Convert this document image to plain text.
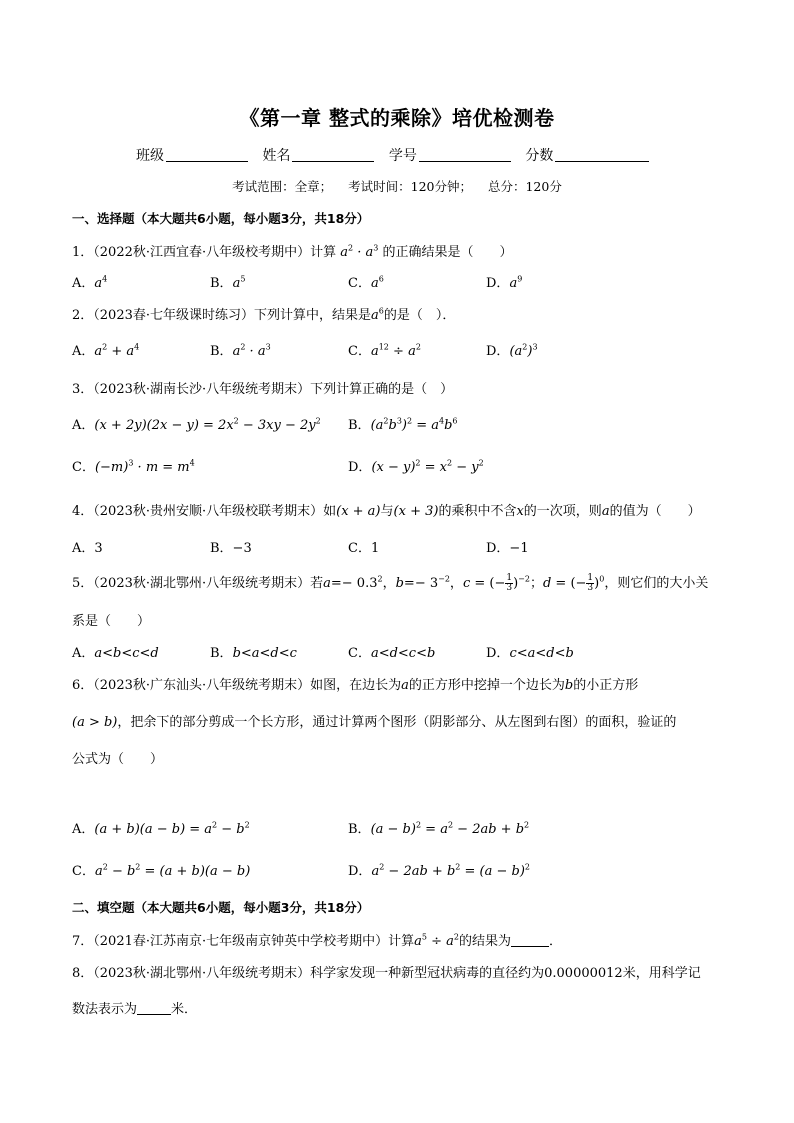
《第一章 整式的乘除》培优检测卷
班级	姓名	学号	分数
考试范围：全章； 考试时间：120分钟； 总分：120分
一、选择题（本大题共6小题，每小题3分，共18分）
1．（2022秋·江西宜春·八年级校考期中）计算 $a^2 \cdot a^3$ 的正确结果是（　　）
A．$a^4$	B．$a^5$	C．$a^6$	D．$a^9$
2．（2023春·七年级课时练习）下列计算中，结果是$a^6$的是（　）．
A．$a^2 + a^4$	B．$a^2 \cdot a^3$	C．$a^{12} \div a^2$	D．$(a^2)^3$
3．（2023秋·湖南长沙·八年级统考期末）下列计算正确的是（　）
A．$(x + 2y)(2x - y) = 2x^2 - 3xy - 2y^2$ B．$(a^2b^3)^2 = a^4b^6$
C．$(-m)^3 \cdot m = m^4$	D．$(x - y)^2 = x^2 - y^2$
4．（2023秋·贵州安顺·八年级校联考期末）如(x + a)与(x + 3)的乘积中不含x的一次项，则a的值为（　　）
A．3	B．−3	C．1	D．−1
5．（2023秋·湖北鄂州·八年级统考期末）若$a=- 0.3^2$，$b=- 3^{-2}$，c = (− $\frac{1}{3} )^{-2}$；d = (− $\frac{1}{3} )^0$，则它们的大小关
系是（　　）
A．a<b<c<d	B．b<a<d<c	C．a<d<c<b	D．c<a<d<b
6．（2023秋·广东汕头·八年级统考期末）如图，在边长为a的正方形中挖掉一个边长为b的小正方形
(a > b)，把余下的部分剪成一个长方形，通过计算两个图形（阴影部分、从左图到右图）的面积，验证的
公式为（　　）
A．$(a + b)(a - b) = a^2 - b^2$	B．$(a - b)^2 = a^2 - 2ab + b^2$
C．$a^2 - b^2 = (a + b)(a - b)$	D．$a^2 - 2ab + b^2 = (a - b)^2$
二、填空题（本大题共6小题，每小题3分，共18分）
7．（2021春·江苏南京·七年级南京钟英中学校考期中）计算$a^5 \div a^2$的结果为	．
8．（2023秋·湖北鄂州·八年级统考期末）科学家发现一种新型冠状病毒的直径约为0.00000012米，用科学记
数法表示为	米．
